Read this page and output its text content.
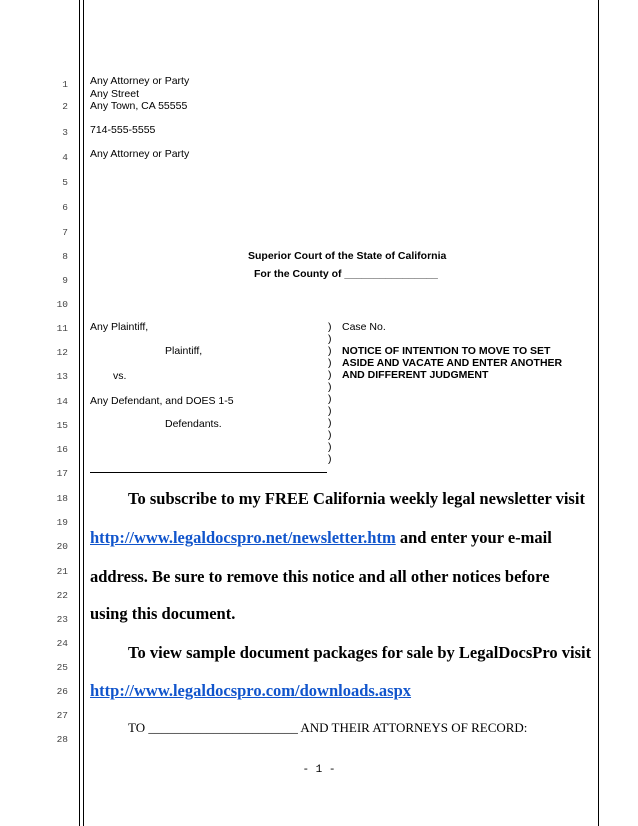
1
2
3
4
5
6
7
8
9
10
11
12
13
14
15
16
17
18
19
20
21
22
23
24
25
26
27
28
Any Attorney or Party
Any Street
Any Town, CA 55555
714-555-5555
Any Attorney or Party
Superior Court of the State of California
For the County of ________________
Any Plaintiff,
Plaintiff,
vs.
Any Defendant, and DOES 1-5
Defendants.
)
)
)
)
)
)
)
)
)
)
)
)
Case No.
NOTICE OF INTENTION TO MOVE TO SET
ASIDE AND VACATE AND ENTER ANOTHER
AND DIFFERENT JUDGMENT
To subscribe to my FREE California weekly legal newsletter visit
http://www.legaldocspro.net/newsletter.htm and enter your e-mail
address. Be sure to remove this notice and all other notices before
using this document.
To view sample document packages for sale by LegalDocsPro visit
http://www.legaldocspro.com/downloads.aspx
TO _______________________ AND THEIR ATTORNEYS OF RECORD:
- 1 -
